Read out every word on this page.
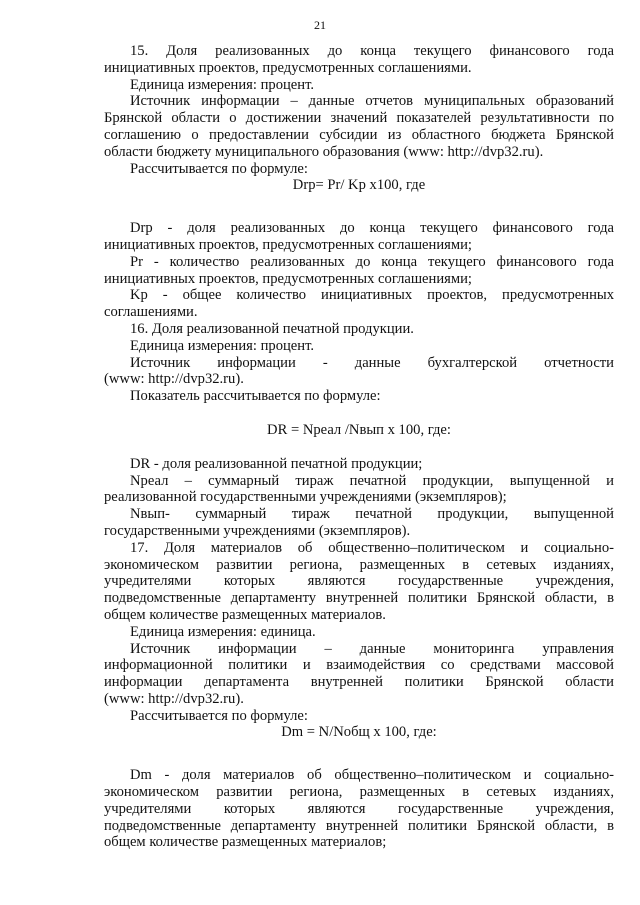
21
15. Доля реализованных до конца текущего финансового года
инициативных проектов, предусмотренных соглашениями.
Единица измерения: процент.
Источник информации – данные отчетов муниципальных образований
Брянской области о достижении значений показателей результативности по
соглашению о предоставлении субсидии из областного бюджета Брянской
области бюджету муниципального образования (www: http://dvp32.ru).
Рассчитывается по формуле:
Drp= Pr/ Kp x100, где
Drp - доля реализованных до конца текущего финансового года
инициативных проектов, предусмотренных соглашениями;
Pr - количество реализованных до конца текущего финансового года
инициативных проектов, предусмотренных соглашениями;
Kp - общее количество инициативных проектов, предусмотренных
соглашениями.
16. Доля реализованной печатной продукции.
Единица измерения: процент.
Источник информации - данные бухгалтерской отчетности
(www: http://dvp32.ru).
Показатель рассчитывается по формуле:
DR = Nреал /Nвып x 100, где:
DR - доля реализованной печатной продукции;
Nреал – суммарный тираж печатной продукции, выпущенной и
реализованной государственными учреждениями (экземпляров);
Nвып- суммарный тираж печатной продукции, выпущенной
государственными учреждениями (экземпляров).
17. Доля материалов об общественно–политическом и социально-
экономическом развитии региона, размещенных в сетевых изданиях,
учредителями которых являются государственные учреждения,
подведомственные департаменту внутренней политики Брянской области, в
общем количестве размещенных материалов.
Единица измерения: единица.
Источник информации – данные мониторинга управления
информационной политики и взаимодействия со средствами массовой
информации департамента внутренней политики Брянской области
(www: http://dvp32.ru).
Рассчитывается по формуле:
Dm = N/Nобщ x 100, где:
Dm - доля материалов об общественно–политическом и социально-
экономическом развитии региона, размещенных в сетевых изданиях,
учредителями которых являются государственные учреждения,
подведомственные департаменту внутренней политики Брянской области, в
общем количестве размещенных материалов;
